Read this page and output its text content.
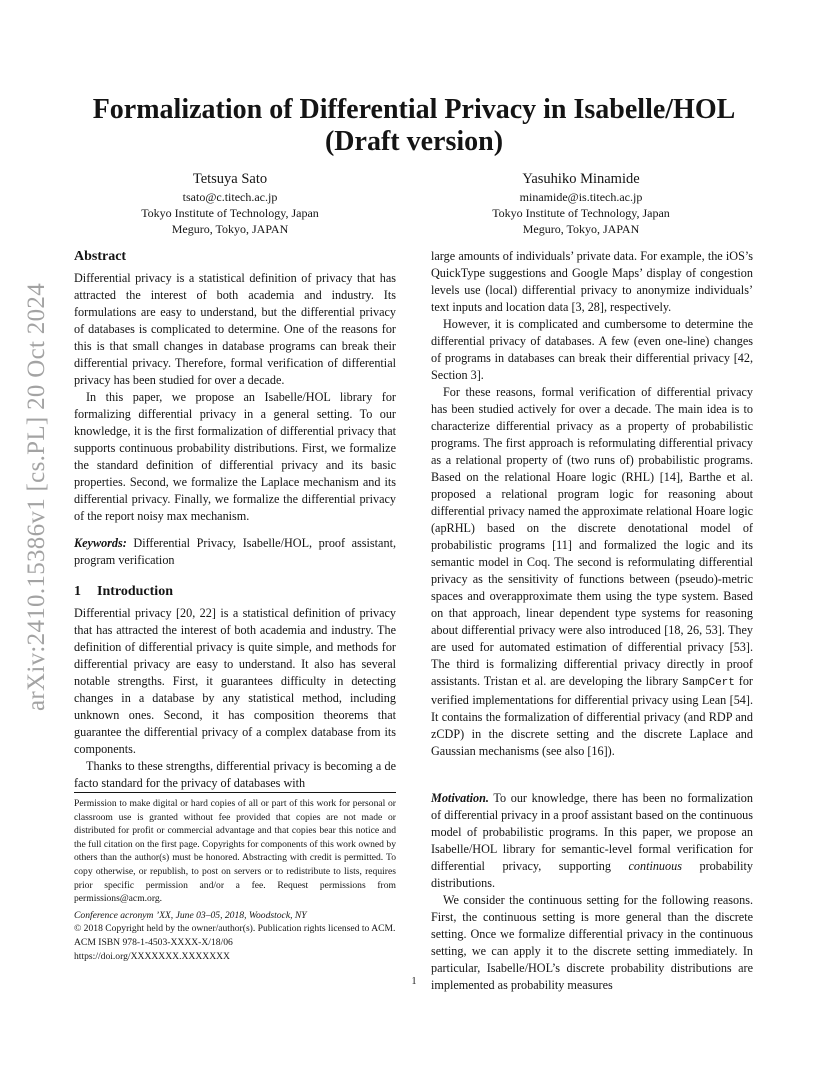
arXiv:2410.15386v1 [cs.PL] 20 Oct 2024
Formalization of Differential Privacy in Isabelle/HOL (Draft version)
Tetsuya Sato
tsato@c.titech.ac.jp
Tokyo Institute of Technology, Japan
Meguro, Tokyo, JAPAN
Yasuhiko Minamide
minamide@is.titech.ac.jp
Tokyo Institute of Technology, Japan
Meguro, Tokyo, JAPAN
Abstract

Differential privacy is a statistical definition of privacy that has attracted the interest of both academia and industry. Its formulations are easy to understand, but the differential privacy of databases is complicated to determine. One of the reasons for this is that small changes in database programs can break their differential privacy. Therefore, formal verification of differential privacy has been studied for over a decade.

In this paper, we propose an Isabelle/HOL library for formalizing differential privacy in a general setting. To our knowledge, it is the first formalization of differential privacy that supports continuous probability distributions. First, we formalize the standard definition of differential privacy and its basic properties. Second, we formalize the Laplace mechanism and its differential privacy. Finally, we formalize the differential privacy of the report noisy max mechanism.

Keywords: Differential Privacy, Isabelle/HOL, proof assistant, program verification

1 Introduction

Differential privacy [20, 22] is a statistical definition of privacy that has attracted the interest of both academia and industry. The definition of differential privacy is quite simple, and methods for differential privacy are easy to understand. It also has several notable strengths. First, it guarantees difficulty in detecting changes in a database by any statistical method, including unknown ones. Second, it has composition theorems that guarantee the differential privacy of a complex database from its components.

Thanks to these strengths, differential privacy is becoming a de facto standard for the privacy of databases with

Permission to make digital or hard copies of all or part of this work for personal or classroom use is granted without fee provided that copies are not made or distributed for profit or commercial advantage and that copies bear this notice and the full citation on the first page. Copyrights for components of this work owned by others than the author(s) must be honored. Abstracting with credit is permitted. To copy otherwise, or republish, to post on servers or to redistribute to lists, requires prior specific permission and/or a fee. Request permissions from permissions@acm.org.

Conference acronym ’XX, June 03–05, 2018, Woodstock, NY

© 2018 Copyright held by the owner/author(s). Publication rights licensed to ACM.

ACM ISBN 978-1-4503-XXXX-X/18/06

https://doi.org/XXXXXXX.XXXXXXX

large amounts of individuals’ private data. For example, the iOS’s QuickType suggestions and Google Maps’ display of congestion levels use (local) differential privacy to anonymize individuals’ text inputs and location data [3, 28], respectively.

However, it is complicated and cumbersome to determine the differential privacy of databases. A few (even one-line) changes of programs in databases can break their differential privacy [42, Section 3].

For these reasons, formal verification of differential privacy has been studied actively for over a decade. The main idea is to characterize differential privacy as a property of probabilistic programs. The first approach is reformulating differential privacy as a relational property of (two runs of) probabilistic programs. Based on the relational Hoare logic (RHL) [14], Barthe et al. proposed a relational program logic for reasoning about differential privacy named the approximate relational Hoare logic (apRHL) based on the discrete denotational model of probabilistic programs [11] and formalized the logic and its semantic model in Coq. The second is reformulating differential privacy as the sensitivity of functions between (pseudo)-metric spaces and overapproximate them using the type system. Based on that approach, linear dependent type systems for reasoning about differential privacy were also introduced [18, 26, 53]. They are used for automated estimation of differential privacy [53]. The third is formalizing differential privacy directly in proof assistants. Tristan et al. are developing the library SampCert for verified implementations for differential privacy using Lean [54]. It contains the formalization of differential privacy (and RDP and zCDP) in the discrete setting and the discrete Laplace and Gaussian mechanisms (see also [16]).

Motivation. To our knowledge, there has been no formalization of differential privacy in a proof assistant based on the continuous model of probabilistic programs. In this paper, we propose an Isabelle/HOL library for semantic-level formal verification for differential privacy, supporting continuous probability distributions.

We consider the continuous setting for the following reasons. First, the continuous setting is more general than the discrete setting. Once we formalize differential privacy in the continuous setting, we can apply it to the discrete setting immediately. In particular, Isabelle/HOL’s discrete probability distributions are implemented as probability measures

1
